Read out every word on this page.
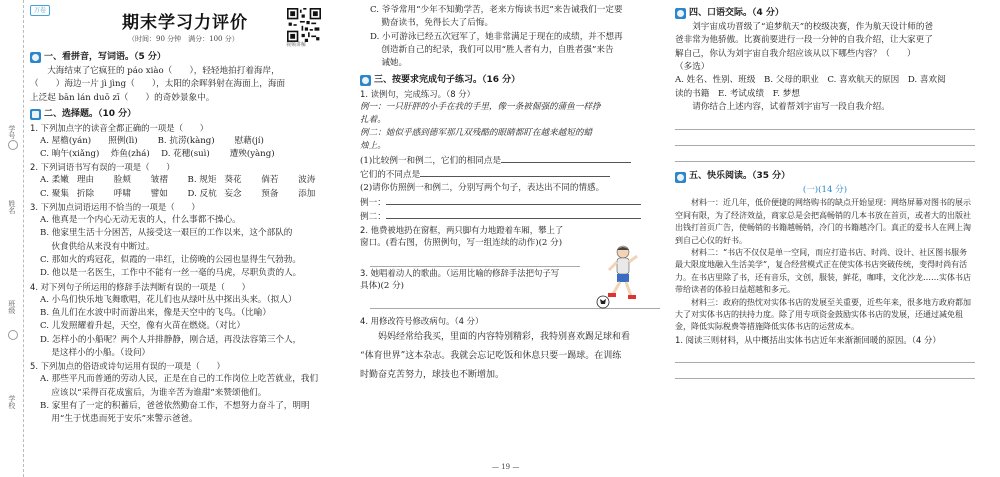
学号
姓名
班级
学校
万卷
期末学习力评价
（时间：90 分钟　满分：100 分）
视频讲解
一、看拼音，写词语。（5 分）
大海结束了它疯狂的 páo xiào（　　），轻轻地拍打着海岸，
（　　）海边一片 jì jìng（　　），太阳的余晖斜射在海面上，海面
上泛起 bān lán duō zī（　　）的奇妙景象中。
二、选择题。（10 分）
1. 下列加点字的读音全都正确的一项是（　　）
A. 屋檐(yán)　　照例(lì)　　 B. 抗涝(kàng)　　 慰藉(jí)
C. 晌午(xiǎng)　 炸鱼(zhá)　 D. 花穗(suì)　　 遭殃(yàng)
2. 下列词语书写有误的一项是（　　）
A. 柔嫩 理由	脸颊	皱褶	B. 规矩 葵花	倘若	波涛
C. 聚集 折除	呼啸	譬如	D. 反杭 妄念	预备	添加
3. 下列加点词语运用不恰当的一项是（　　）
A. 他真是一个内心无动无衷的人，什么事都不操心。
B. 他家里生活十分困苦，从接受这一艰巨的工作以来，这个部队的
　 伙食供给从来没有中断过。
C. 那如火的鸡冠花，似霞的一串红，让傍晚的公园也显得生气勃勃。
D. 他以是一名医生，工作中不能有一丝一毫的马虎，尽职负责的人。
4. 对下列句子所运用的修辞手法判断有误的一项是（　　）
A. 小鸟们快乐地飞舞歌唱，花儿们也从绿叶丛中探出头来。（拟人）
B. 鱼儿们在水波中时而游出来，像是天空中的飞鸟。（比喻）
C. 儿发照耀着升起，天空，像有火苗在燃烧。（对比）
D. 怎样小的小船呢？两个人并排静静，刚合适，再没法容第三个人，
　 是这样小的小船。（设问）
5. 下列加点的俗语或诗句运用有误的一项是（　　）
A. 那些平凡而普通的劳动人民，正是在自己的工作岗位上吃苦就业，我们
　 应该以“采得百花成蜜后，为谁辛苦为谁甜”来赞颂他们。
B. 家里有了一定的积蓄后，爸爸依然勤奋工作，不想努力奋斗了，明明
　 用“生于忧患而死于安乐”来警示爸爸。
C. 爷爷常用“少年不知勤学苦，老来方悔读书迟”来告诫我们一定要
　 勤奋读书，免得长大了后悔。
D. 小可游泳已经五次冠军了，她非常满足于现在的成绩，并不想再
　 创造新自己的纪录，我们可以用“胜人者有力，自胜者强”来告
　 诫她。
三、按要求完成句子练习。（16 分）
1. 读例句，完成练习。（8 分）
例一：一只肝胖的小手在我的手里，像一条被倔强的蒲鱼一样挣
扎着。
例二：她似乎感到德军那几双残酷的眼睛都盯在越来越短的蜡
烛上。
(1)比较例一和例二，它们的相同点是
它们的不同点是
(2)请你仿照例一和例二，分别写两个句子，表达出不同的情感。
例一：
例二：
2. 他费被地扔在窗框，两只脚有力地蹬着车厢，攀上了
窗口。(看右图，仿照例句，写一组连续的动作)(2 分)
3. 她唱着动人的歌曲。（运用比喻的修辞手法把句子写
具体)(2 分)
4. 用修改符号修改病句。（4 分）
妈妈经常给我买，里面的内容特别精彩，我特别喜欢踢足球和看
“体育世界”这本杂志。我就会忘记吃饭和休息只要一踢球。在训练
时勤奋克苦努力，球技也不断增加。
— 19 —
四、口语交际。（4 分）
刘宇宙成功晋级了“追梦航天”的校级决赛，作为航天设计师的爸
爸非常为他骄傲。比赛前要进行一段一分钟的自我介绍，让大家更了
解自己，你认为刘宇宙自我介绍应该从以下哪些内容？（　　）
（多选）
A. 姓名、性别、班级　B. 父母的职业　C. 喜欢航天的原因　D. 喜欢阅
读的书籍　E. 考试成绩　F. 梦想
请你结合上述内容，试着帮刘宇宙写一段自我介绍。
五、快乐阅读。（35 分）
(一)(14 分)
材料一：近几年，低价便捷的网络购书的缺点开始显现：网络屏幕对图书的展示空间有限，为了经济效益，商家总是会把高畅销的几本书放在首页，或者大的出版社出钱打首页广告，使畅销的书籍越畅销，冷门的书籍越冷门。真正的爱书人在网上淘到自己心仪的好书。
材料二：“书店不仅仅是单一空间，而应打造书店、时尚、设计、社区图书服务最大限度地融入生活美学”，复合经营模式正在使实体书店突破传统，变得时尚有活力。在书店里除了书，还有音乐，文创，服装，鲜花，咖啡，文化沙龙……实体书店带给读者的体验日益超越和多元。
材料三：政府的热忱对实体书店的发展至关重要，近些年来，很多地方政府都加大了对实体书店的扶持力度。除了用专项资金鼓励实体书店的发展，还通过减免租金，降低实际税费等措施降低实体书店的运营成本。
1. 阅读三则材料，从中概括出实体书店近年来渐渐回暖的原因。（4 分）
